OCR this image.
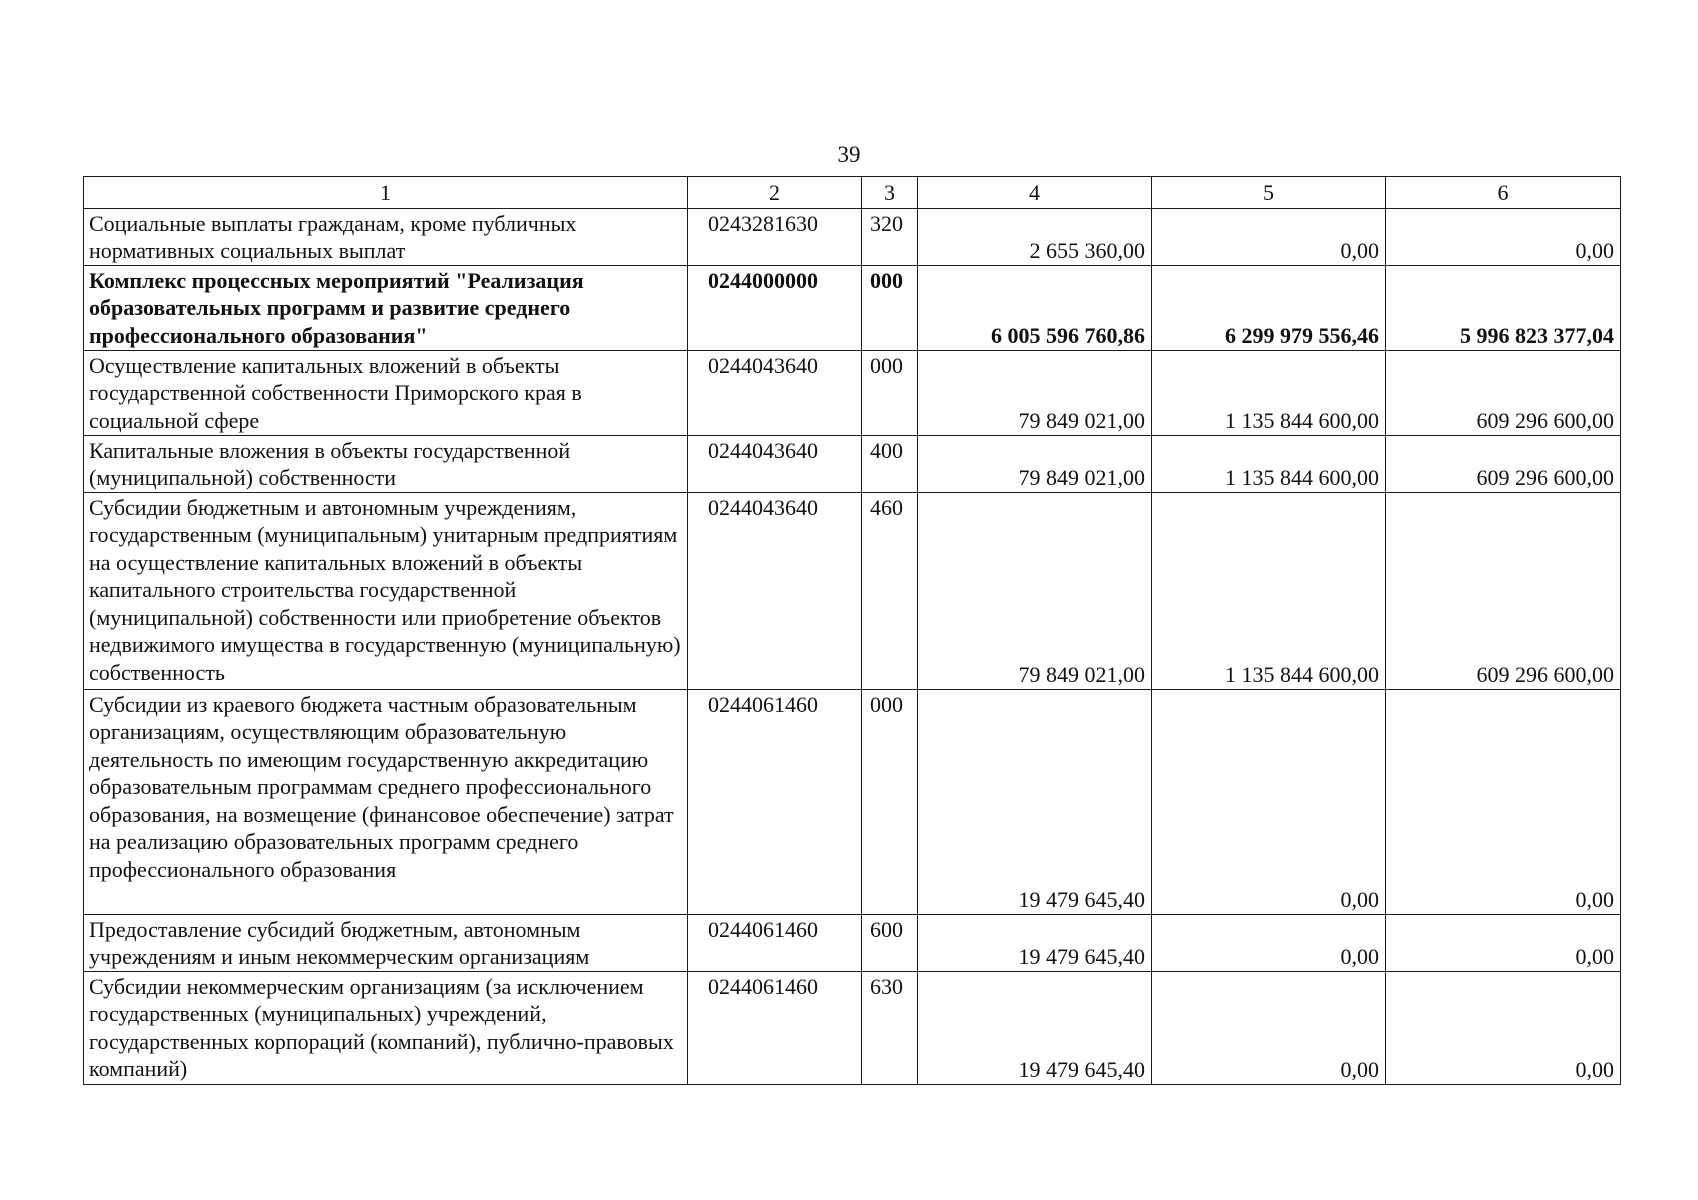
39
1	2	3	4	5	6
Социальные выплаты гражданам, кроме публичных нормативных социальных выплат	0243281630	320	2 655 360,00	0,00	0,00
Комплекс процессных мероприятий "Реализация образовательных программ и развитие среднего профессионального образования"	0244000000	000	6 005 596 760,86	6 299 979 556,46	5 996 823 377,04
Осуществление капитальных вложений в объекты государственной собственности Приморского края в социальной сфере	0244043640	000	79 849 021,00	1 135 844 600,00	609 296 600,00
Капитальные вложения в объекты государственной (муниципальной) собственности	0244043640	400	79 849 021,00	1 135 844 600,00	609 296 600,00
Субсидии бюджетным и автономным учреждениям, государственным (муниципальным) унитарным предприятиям на осуществление капитальных вложений в объекты капитального строительства государственной (муниципальной) собственности или приобретение объектов недвижимого имущества в государственную (муниципальную) собственность	0244043640	460	79 849 021,00	1 135 844 600,00	609 296 600,00
Субсидии из краевого бюджета частным образовательным организациям, осуществляющим образовательную деятельность по имеющим государственную аккредитацию образовательным программам среднего профессионального образования, на возмещение (финансовое обеспечение) затрат на реализацию образовательных программ среднего профессионального образования	0244061460	000	19 479 645,40	0,00	0,00
Предоставление субсидий бюджетным, автономным учреждениям и иным некоммерческим организациям	0244061460	600	19 479 645,40	0,00	0,00
Субсидии некоммерческим организациям (за исключением государственных (муниципальных) учреждений, государственных корпораций (компаний), публично-правовых компаний)	0244061460	630	19 479 645,40	0,00	0,00
